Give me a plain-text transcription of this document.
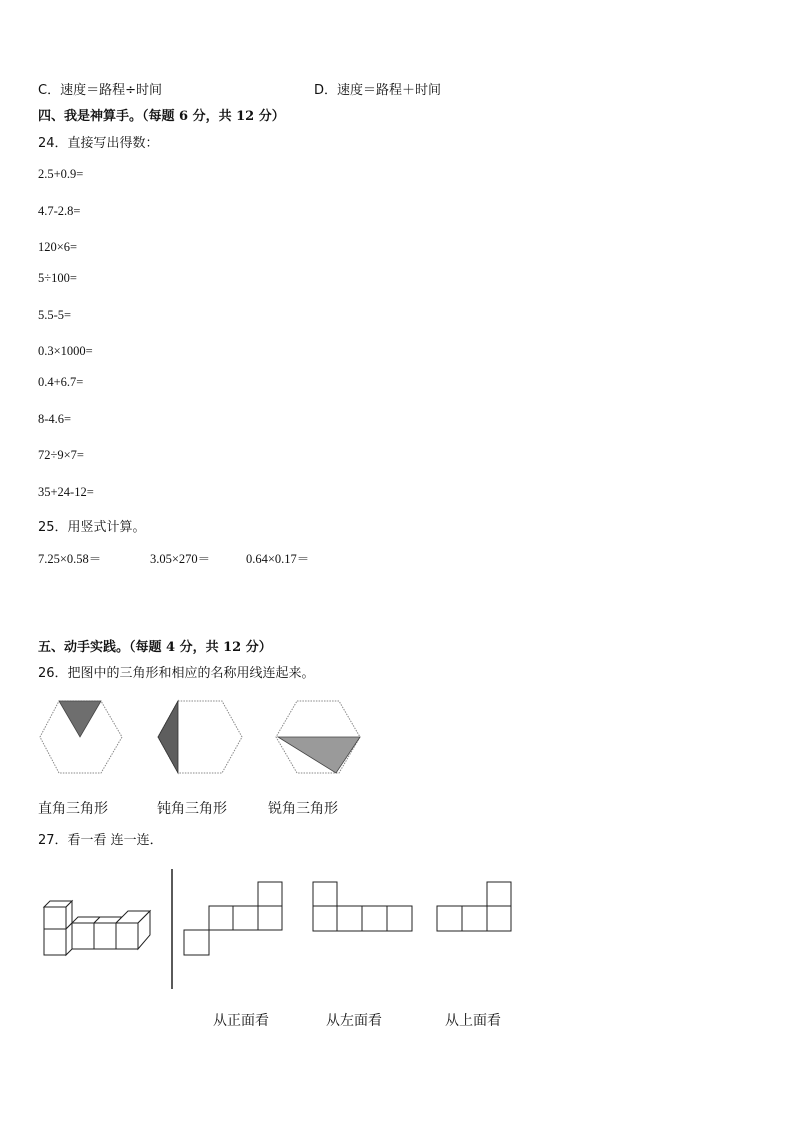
C．速度＝路程÷时间	D．速度＝路程＋时间
四、我是神算手。（每题 6 分，共 12 分）
24．直接写出得数：
2.5+0.9=
4.7-2.8=
120×6=
5÷100=
5.5-5=
0.3×1000=
0.4+6.7=
8-4.6=
72÷9×7=
35+24-12=
25．用竖式计算。
7.25×0.58＝	3.05×270＝	0.64×0.17＝
五、动手实践。（每题 4 分，共 12 分）
26．把图中的三角形和相应的名称用线连起来。
直角三角形	钝角三角形	锐角三角形
27．看一看 连一连．
从正面看	从左面看	从上面看
